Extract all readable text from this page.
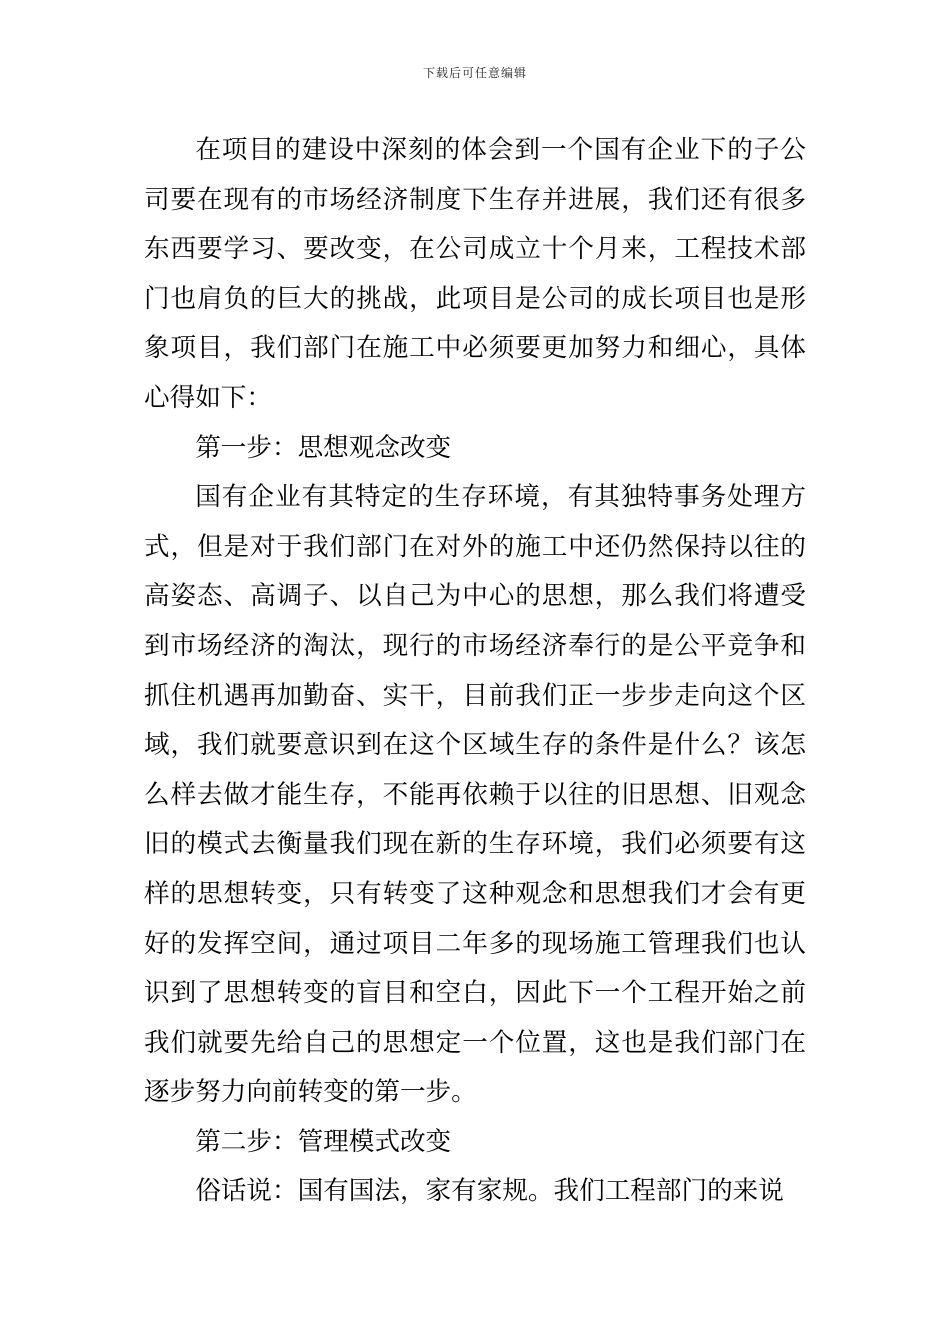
下载后可任意编辑

在项目的建设中深刻的体会到一个国有企业下的子公司要在现有的市场经济制度下生存并进展，我们还有很多东西要学习、要改变，在公司成立十个月来，工程技术部门也肩负的巨大的挑战，此项目是公司的成长项目也是形象项目，我们部门在施工中必须要更加努力和细心，具体心得如下：

第一步：思想观念改变

国有企业有其特定的生存环境，有其独特事务处理方式，但是对于我们部门在对外的施工中还仍然保持以往的高姿态、高调子、以自己为中心的思想，那么我们将遭受到市场经济的淘汰，现行的市场经济奉行的是公平竞争和抓住机遇再加勤奋、实干，目前我们正一步步走向这个区域，我们就要意识到在这个区域生存的条件是什么？该怎么样去做才能生存，不能再依赖于以往的旧思想、旧观念旧的模式去衡量我们现在新的生存环境，我们必须要有这样的思想转变，只有转变了这种观念和思想我们才会有更好的发挥空间，通过项目二年多的现场施工管理我们也认识到了思想转变的盲目和空白，因此下一个工程开始之前我们就要先给自己的思想定一个位置，这也是我们部门在逐步努力向前转变的第一步。

第二步：管理模式改变

俗话说：国有国法，家有家规。我们工程部门的来说
